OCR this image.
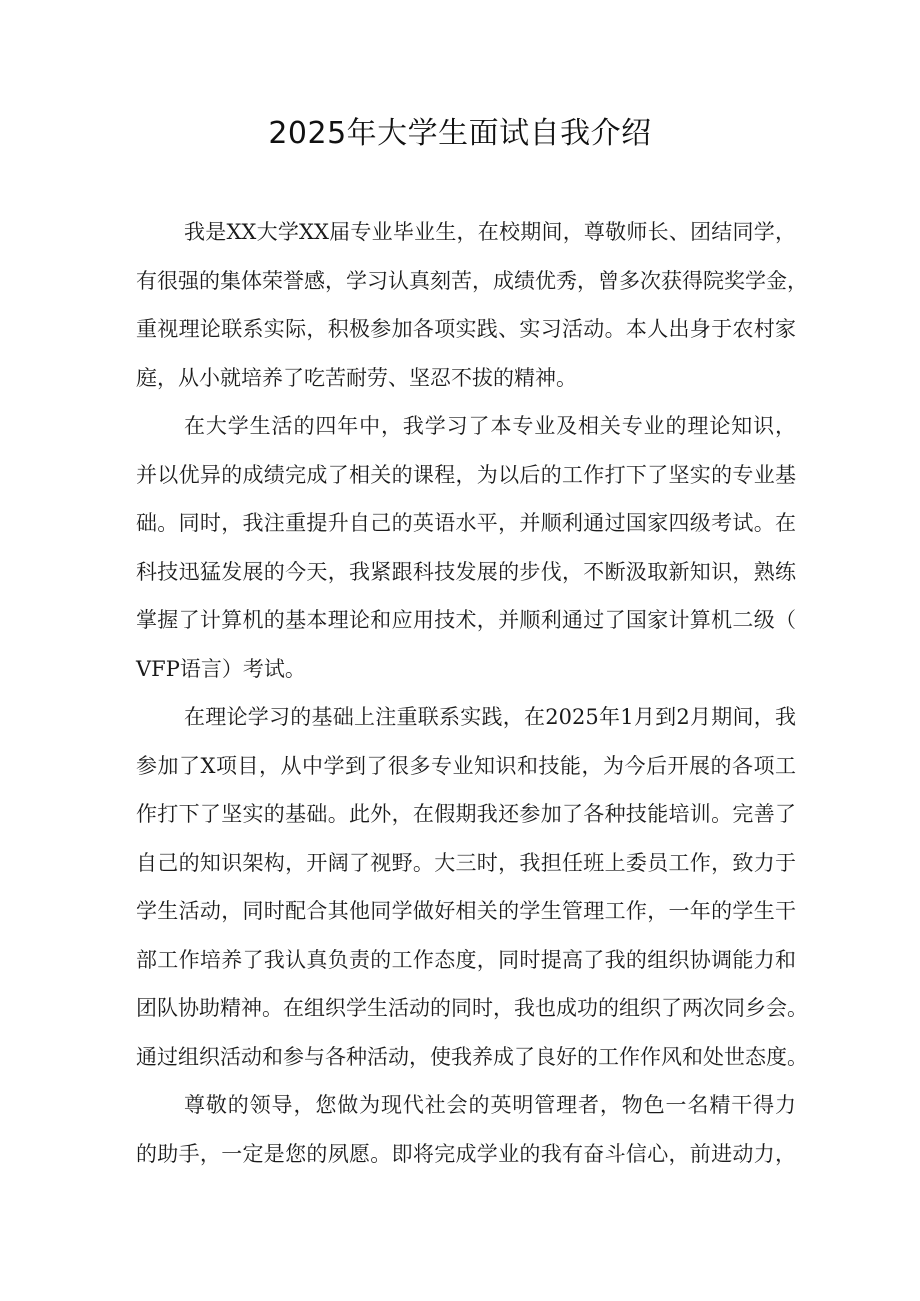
2025年大学生面试自我介绍
我是XX大学XX届专业毕业生，在校期间，尊敬师长、团结同学，
有很强的集体荣誉感，学习认真刻苦，成绩优秀，曾多次获得院奖学金，
重视理论联系实际，积极参加各项实践、实习活动。本人出身于农村家
庭，从小就培养了吃苦耐劳、坚忍不拔的精神。
在大学生活的四年中，我学习了本专业及相关专业的理论知识，
并以优异的成绩完成了相关的课程，为以后的工作打下了坚实的专业基
础。同时，我注重提升自己的英语水平，并顺利通过国家四级考试。在
科技迅猛发展的今天，我紧跟科技发展的步伐，不断汲取新知识，熟练
掌握了计算机的基本理论和应用技术，并顺利通过了国家计算机二级（
VFP语言）考试。
在理论学习的基础上注重联系实践，在2025年1月到2月期间，我
参加了X项目，从中学到了很多专业知识和技能，为今后开展的各项工
作打下了坚实的基础。此外，在假期我还参加了各种技能培训。完善了
自己的知识架构，开阔了视野。大三时，我担任班上委员工作，致力于
学生活动，同时配合其他同学做好相关的学生管理工作，一年的学生干
部工作培养了我认真负责的工作态度，同时提高了我的组织协调能力和
团队协助精神。在组织学生活动的同时，我也成功的组织了两次同乡会。
通过组织活动和参与各种活动，使我养成了良好的工作作风和处世态度。
尊敬的领导，您做为现代社会的英明管理者，物色一名精干得力
的助手，一定是您的夙愿。即将完成学业的我有奋斗信心，前进动力，
